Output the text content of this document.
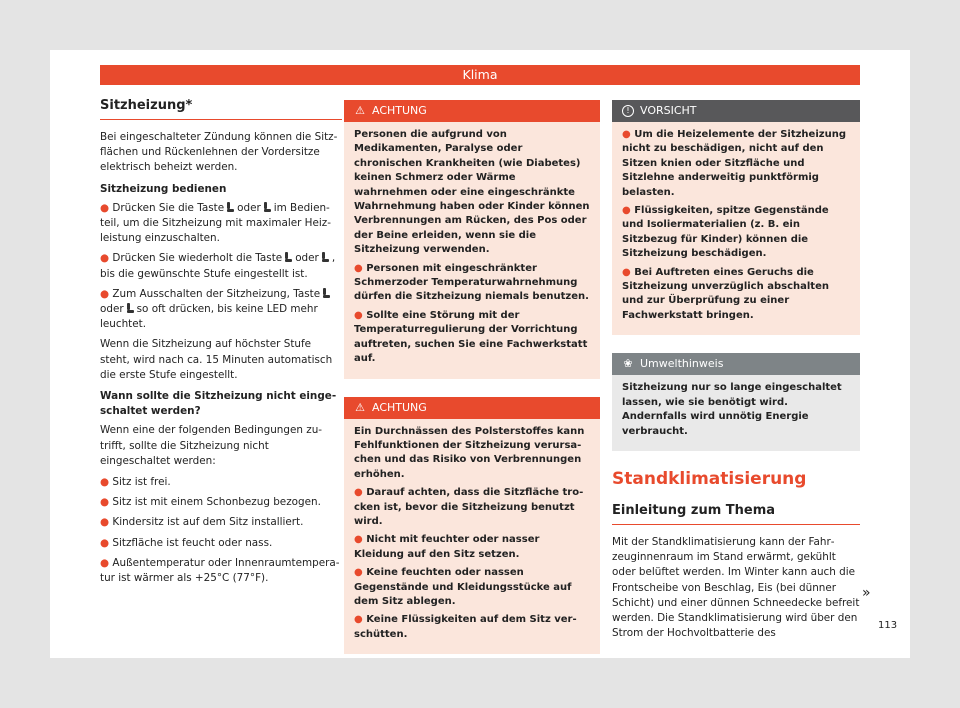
Klima
Sitzheizung*

Bei eingeschalteter Zündung können die Sitzflächen und Rückenlehnen der Vordersitze elektrisch beheizt werden.

Sitzheizung bedienen

● Drücken Sie die Taste oder im Bedienteil, um die Sitzheizung mit maximaler Heizleistung einzuschalten.
● Drücken Sie wiederholt die Taste oder , bis die gewünschte Stufe eingestellt ist.
● Zum Ausschalten der Sitzheizung, Tasteoder so oft drücken, bis keine LED mehr leuchtet.

Wenn die Sitzheizung auf höchster Stufe steht, wird nach ca. 15 Minuten automatisch die erste Stufe eingestellt.

Wann sollte die Sitzheizung nicht eingeschaltet werden?

Wenn eine der folgenden Bedingungen zutrifft, sollte die Sitzheizung nicht eingeschaltet werden:

● Sitz ist frei.
● Sitz ist mit einem Schonbezug bezogen.
● Kindersitz ist auf dem Sitz installiert.
● Sitzfläche ist feucht oder nass.
● Außentemperatur oder Innenraumtemperatur ist wärmer als +25°C (77°F).
⚠ ACHTUNG

Personen die aufgrund von Medikamenten, Paralyse oder chronischen Krankheiten (wie Diabetes) keinen Schmerz oder Wärme wahrnehmen oder eine eingeschränkte Wahrnehmung haben oder Kinder können Verbrennungen am Rücken, des Pos oder der Beine erleiden, wenn sie die Sitzheizung verwenden.

● Personen mit eingeschränkter Schmerzoder Temperaturwahrnehmung dürfen die Sitzheizung niemals benutzen.
● Sollte eine Störung mit der Temperaturregulierung der Vorrichtung auftreten, suchen Sie eine Fachwerkstatt auf.
⚠ ACHTUNG

Ein Durchnässen des Polsterstoffes kann Fehlfunktionen der Sitzheizung verursachen und das Risiko von Verbrennungen erhöhen.

● Darauf achten, dass die Sitzfläche trocken ist, bevor die Sitzheizung benutzt wird.
● Nicht mit feuchter oder nasser Kleidung auf den Sitz setzen.
● Keine feuchten oder nassen Gegenstände und Kleidungsstücke auf dem Sitz ablegen.
● Keine Flüssigkeiten auf dem Sitz verschütten.
! VORSICHT
● Um die Heizelemente der Sitzheizung nicht zu beschädigen, nicht auf den Sitzen knien oder Sitzfläche und Sitzlehne anderweitig punktförmig belasten.
● Flüssigkeiten, spitze Gegenstände und Isoliermaterialien (z. B. ein Sitzbezug für Kinder) können die Sitzheizung beschädigen.
● Bei Auftreten eines Geruchs die Sitzheizung unverzüglich abschalten und zur Überprüfung zu einer Fachwerkstatt bringen.
❀ Umwelthinweis

Sitzheizung nur so lange eingeschaltet lassen, wie sie benötigt wird. Andernfalls wird unnötig Energie verbraucht.

Standklimatisierung
Einleitung zum Thema

Mit der Standklimatisierung kann der Fahrzeuginnenraum im Stand erwärmt, gekühlt oder belüftet werden. Im Winter kann auch die Frontscheibe von Beschlag, Eis (bei dünner Schicht) und einer dünnen Schneedecke befreit werden. Die Standklimatisierung wird über den Strom der Hochvoltbatterie des

»
113
